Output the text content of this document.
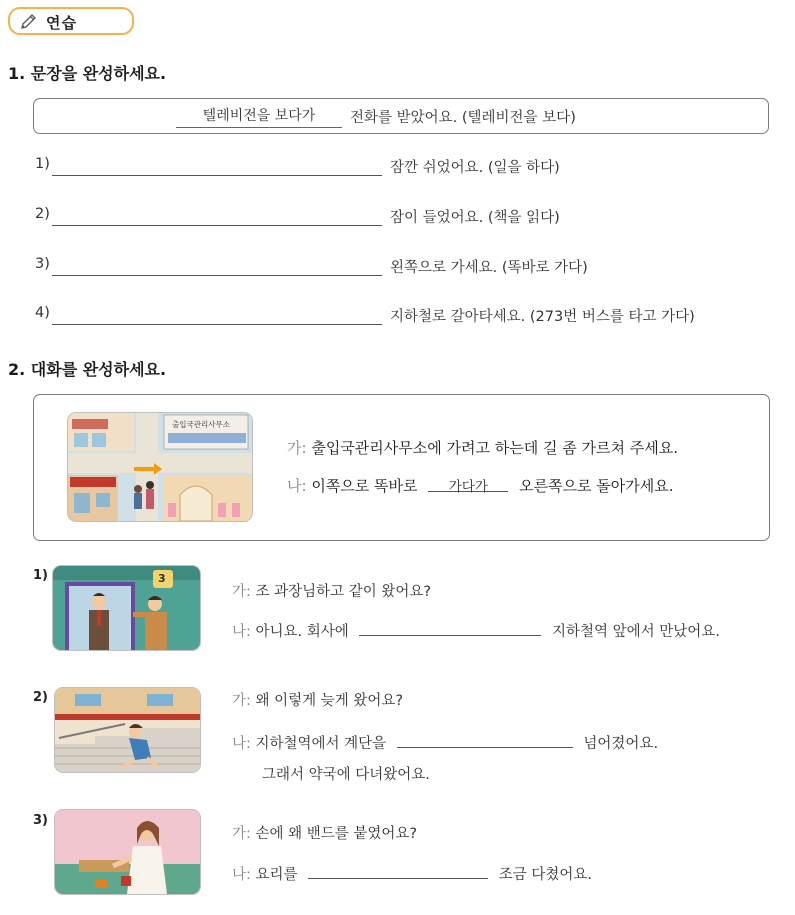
연습
1. 문장을 완성하세요.
텔레비전을 보다가	전화를 받았어요. (텔레비전을 보다)
1)	잠깐 쉬었어요. (일을 하다)
2)	잠이 들었어요. (책을 읽다)
3)	왼쪽으로 가세요. (똑바로 가다)
4)	지하철로 갈아타세요. (273번 버스를 타고 가다)
2. 대화를 완성하세요.
출입국관리사무소
가: 출입국관리사무소에 가려고 하는데 길 좀 가르쳐 주세요.
나: 이쪽으로 똑바로 가다가 오른쪽으로 돌아가세요.
1)	3
가: 조 과장님하고 같이 왔어요?
나: 아니요. 회사에	지하철역 앞에서 만났어요.
2)	가: 왜 이렇게 늦게 왔어요?
나: 지하철역에서 계단을	넘어졌어요.
그래서 약국에 다녀왔어요.
3)
가: 손에 왜 밴드를 붙였어요?
나: 요리를	조금 다쳤어요.
